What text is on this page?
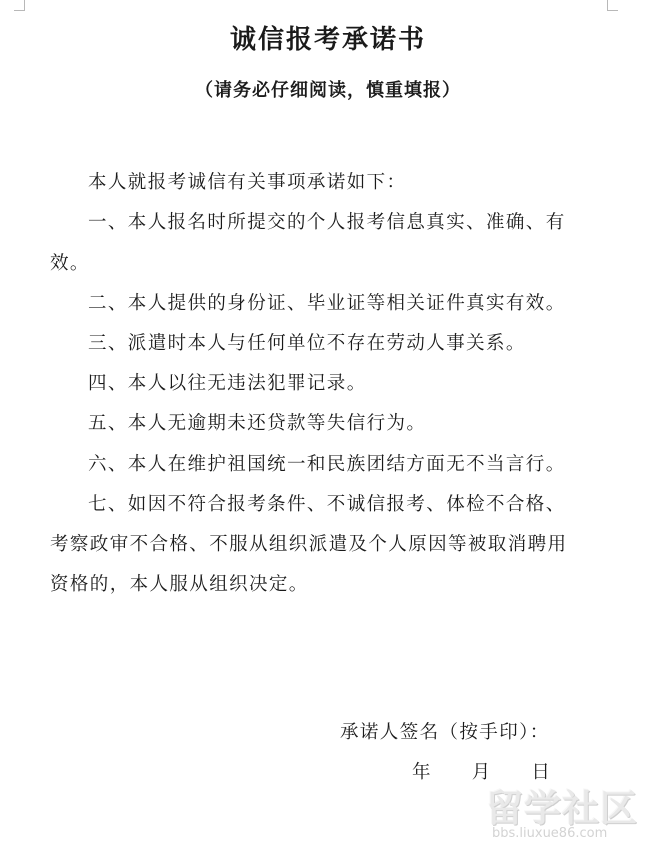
诚信报考承诺书
（请务必仔细阅读，慎重填报）
本人就报考诚信有关事项承诺如下：
一、本人报名时所提交的个人报考信息真实、准确、有
效。
二、本人提供的身份证、毕业证等相关证件真实有效。
三、派遣时本人与任何单位不存在劳动人事关系。
四、本人以往无违法犯罪记录。
五、本人无逾期未还贷款等失信行为。
六、本人在维护祖国统一和民族团结方面无不当言行。
七、如因不符合报考条件、不诚信报考、体检不合格、
考察政审不合格、不服从组织派遣及个人原因等被取消聘用
资格的，本人服从组织决定。
承诺人签名（按手印）：
年　　月　　日
留学社区
bbs.liuxue86.com
